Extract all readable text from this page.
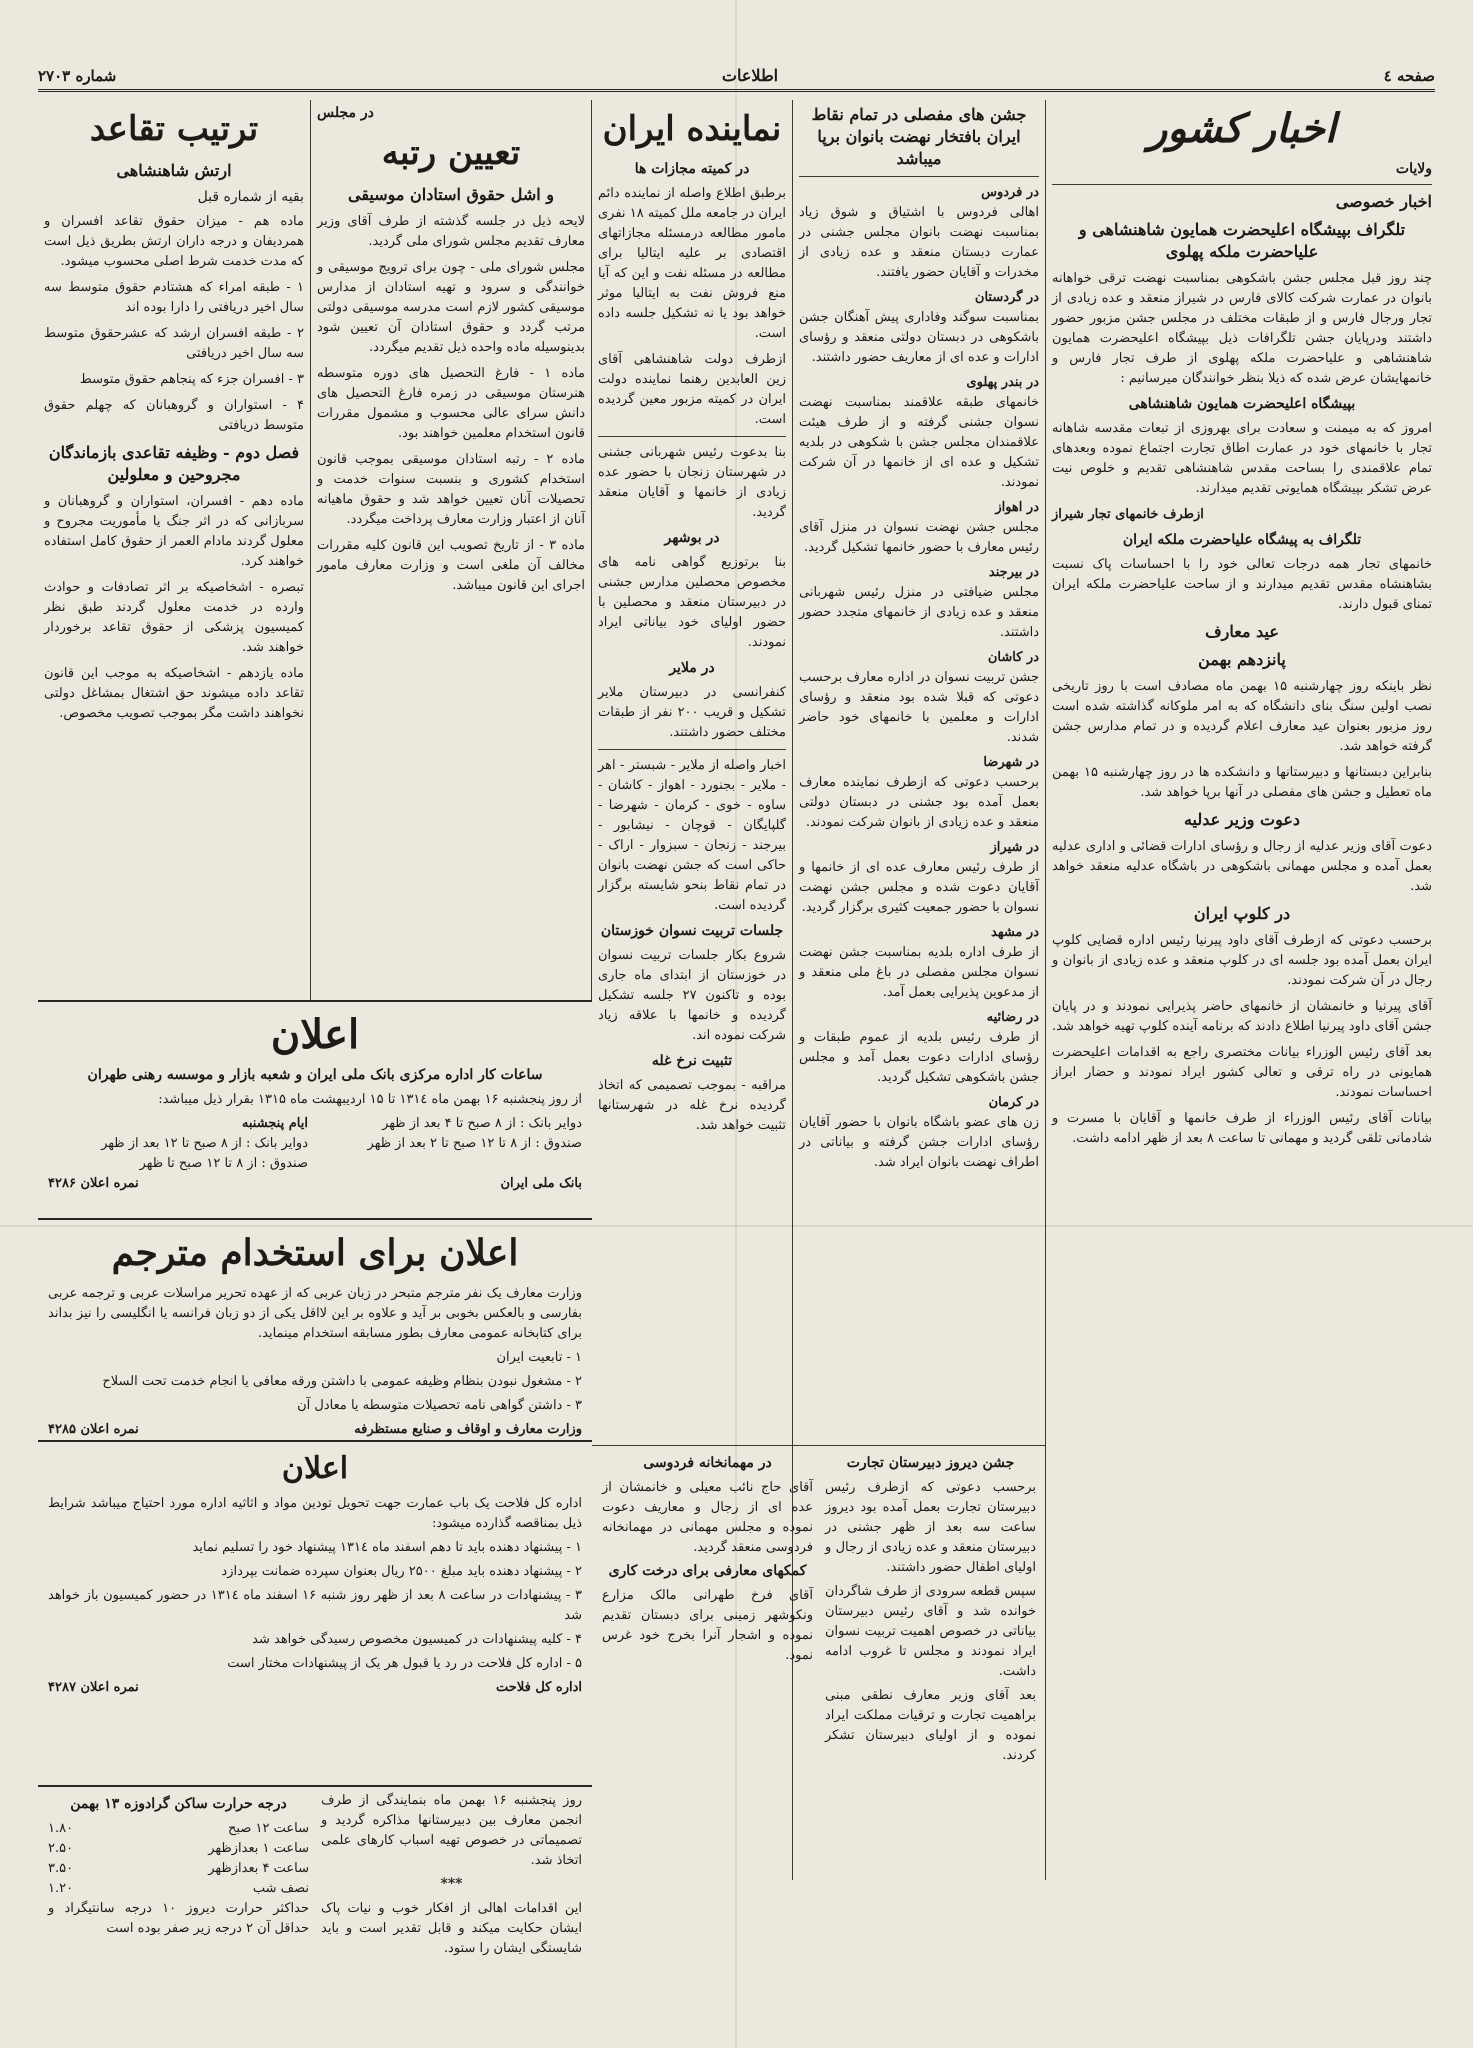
صفحه ٤
اطلاعات
شماره ۲۷۰۳
اخبار کشور
ولایات
اخبار خصوصی
تلگراف بپیشگاه اعلیحضرت همایون شاهنشاهی و علیاحضرت ملکه پهلوی

چند روز قبل مجلس جشن باشکوهی بمناسبت نهضت ترقی خواهانه بانوان در عمارت شرکت کالای فارس در شیراز منعقد و عده زیادی از تجار ورجال فارس و از طبقات مختلف در مجلس جشن مزبور حضور داشتند ودرپایان جشن تلگرافات ذیل بپیشگاه اعلیحضرت همایون شاهنشاهی و علیاحضرت ملکه پهلوی از طرف تجار فارس و خانمهایشان عرض شده که ذیلا بنظر خوانندگان میرسانیم :

بپیشگاه اعلیحضرت همایون شاهنشاهی

امروز که به میمنت و سعادت برای بهروزی از تبعات مقدسه شاهانه تجار با خانمهای خود در عمارت اطاق تجارت اجتماع نموده وبعدهای تمام علاقمندی را بساحت مقدس شاهنشاهی تقدیم و خلوص نیت عرض تشکر بپیشگاه همایونی تقدیم میدارند.

ازطرف خانمهای تجار شیراز

تلگراف به پیشگاه علیاحضرت ملکه ایران

خانمهای تجار همه درجات تعالی خود را با احساسات پاک نسبت بشاهنشاه مقدس تقدیم میدارند و از ساحت علیاحضرت ملکه ایران تمنای قبول دارند.

عید معارف
پانزدهم بهمن

نظر باینکه روز چهارشنبه ۱۵ بهمن ماه مصادف است با روز تاریخی نصب اولین سنگ بنای دانشگاه که به امر ملوکانه گذاشته شده است روز مزبور بعنوان عید معارف اعلام گردیده و در تمام مدارس جشن گرفته خواهد شد.

بنابراین دبستانها و دبیرستانها و دانشکده ها در روز چهارشنبه ۱۵ بهمن ماه تعطیل و جشن های مفصلی در آنها برپا خواهد شد.

دعوت وزیر عدلیه

دعوت آقای وزیر عدلیه از رجال و رؤسای ادارات قضائی و اداری عدلیه بعمل آمده و مجلس مهمانی باشکوهی در باشگاه عدلیه منعقد خواهد شد.

در کلوپ ایران

برحسب دعوتی که ازطرف آقای داود پیرنیا رئیس اداره قضایی کلوپ ایران بعمل آمده بود جلسه ای در کلوپ منعقد و عده زیادی از بانوان و رجال در آن شرکت نمودند.

آقای پیرنیا و خانمشان از خانمهای حاضر پذیرایی نمودند و در پایان جشن آقای داود پیرنیا اطلاع دادند که برنامه آینده کلوپ تهیه خواهد شد.

بعد آقای رئیس الوزراء بیانات مختصری راجع به اقدامات اعلیحضرت همایونی در راه ترقی و تعالی کشور ایراد نمودند و حضار ابراز احساسات نمودند.

بیانات آقای رئیس الوزراء از طرف خانمها و آقایان با مسرت و شادمانی تلقی گردید و مهمانی تا ساعت ۸ بعد از ظهر ادامه داشت.

جشن های مفصلی در تمام نقاط ایران بافتخار نهضت بانوان برپا میباشد
در فردوس
اهالی فردوس با اشتیاق و شوق زیاد بمناسبت نهضت بانوان مجلس جشنی در عمارت دبستان منعقد و عده زیادی از مخدرات و آقایان حضور یافتند.
در گردستان
بمناسبت سوگند وفاداری پیش آهنگان جشن باشکوهی در دبستان دولتی منعقد و رؤسای ادارات و عده ای از معاریف حضور داشتند.
در بندر پهلوی
خانمهای طبقه علاقمند بمناسبت نهضت نسوان جشنی گرفته و از طرف هیئت علاقمندان مجلس جشن با شکوهی در بلدیه تشکیل و عده ای از خانمها در آن شرکت نمودند.
در اهواز
مجلس جشن نهضت نسوان در منزل آقای رئیس معارف با حضور خانمها تشکیل گردید.
در بیرجند
مجلس ضیافتی در منزل رئیس شهربانی منعقد و عده زیادی از خانمهای متجدد حضور داشتند.
در کاشان
جشن تربیت نسوان در اداره معارف برحسب دعوتی که قبلا شده بود منعقد و رؤسای ادارات و معلمین با خانمهای خود حاضر شدند.
در شهرضا
برحسب دعوتی که ازطرف نماینده معارف بعمل آمده بود جشنی در دبستان دولتی منعقد و عده زیادی از بانوان شرکت نمودند.
در شیراز
از طرف رئیس معارف عده ای از خانمها و آقایان دعوت شده و مجلس جشن نهضت نسوان با حضور جمعیت کثیری برگزار گردید.
در مشهد
از طرف اداره بلدیه بمناسبت جشن نهضت نسوان مجلس مفصلی در باغ ملی منعقد و از مدعوین پذیرایی بعمل آمد.
در رضائیه
از طرف رئیس بلدیه از عموم طبقات و رؤسای ادارات دعوت بعمل آمد و مجلس جشن باشکوهی تشکیل گردید.
در کرمان
زن های عضو باشگاه بانوان با حضور آقایان رؤسای ادارات جشن گرفته و بیاناتی در اطراف نهضت بانوان ایراد شد.
نماینده ایران
در کمیته مجازات ها

برطبق اطلاع واصله از نماینده دائم ایران در جامعه ملل کمیته ۱۸ نفری مامور مطالعه درمسئله مجازاتهای اقتصادی بر علیه ایتالیا برای مطالعه در مسئله نفت و این که آیا منع فروش نفت به ایتالیا موثر خواهد بود یا نه تشکیل جلسه داده است.

ازطرف دولت شاهنشاهی آقای زین العابدین رهنما نماینده دولت ایران در کمیته مزبور معین گردیده است.

بنا بدعوت رئیس شهربانی جشنی در شهرستان زنجان با حضور عده زیادی از خانمها و آقایان منعقد گردید.

در بوشهر

بنا برتوزیع گواهی نامه های مخصوص محصلین مدارس جشنی در دبیرستان منعقد و محصلین با حضور اولیای خود بیاناتی ایراد نمودند.

در ملایر

کنفرانسی در دبیرستان ملایر تشکیل و قریب ۲۰۰ نفر از طبقات مختلف حضور داشتند.

اخبار واصله از ملایر - شبستر - اهر - ملایر - بجنورد - اهواز - کاشان - ساوه - خوی - کرمان - شهرضا - گلپایگان - قوچان - نیشابور - بیرجند - زنجان - سبزوار - اراک - حاکی است که جشن نهضت بانوان در تمام نقاط بنحو شایسته برگزار گردیده است.

جلسات تربیت نسوان خوزستان

شروع بکار جلسات تربیت نسوان در خوزستان از ابتدای ماه جاری بوده و تاکنون ۲۷ جلسه تشکیل گردیده و خانمها با علاقه زیاد شرکت نموده اند.

تثبیت نرخ غله

مراقبه - بموجب تصمیمی که اتخاذ گردیده نرخ غله در شهرستانها تثبیت خواهد شد.

جشن دیروز دبیرستان تجارت

برحسب دعوتی که ازطرف رئیس دبیرستان تجارت بعمل آمده بود دیروز ساعت سه بعد از ظهر جشنی در دبیرستان منعقد و عده زیادی از رجال و اولیای اطفال حضور داشتند.

سپس قطعه سرودی از طرف شاگردان خوانده شد و آقای رئیس دبیرستان بیاناتی در خصوص اهمیت تربیت نسوان ایراد نمودند و مجلس تا غروب ادامه داشت.

بعد آقای وزیر معارف نطقی مبنی براهمیت تجارت و ترقیات مملکت ایراد نموده و از اولیای دبیرستان تشکر کردند.

در مهمانخانه فردوسی

آقای حاج نائب معیلی و خانمشان از عده ای از رجال و معاریف دعوت نموده و مجلس مهمانی در مهمانخانه فردوسی منعقد گردید.

کمکهای معارفی برای درخت کاری

آقای فرخ طهرانی مالک مزارع ونکوشهر زمینی برای دبستان تقدیم نموده و اشجار آنرا بخرج خود غرس نمود.

در مجلس
تعیین رتبه
و اشل حقوق استادان موسیقی

لایحه ذیل در جلسه گذشته از طرف آقای وزیر معارف تقدیم مجلس شورای ملی گردید.

مجلس شورای ملی - چون برای ترویج موسیقی و خوانندگی و سرود و تهیه استادان از مدارس موسیقی کشور لازم است مدرسه موسیقی دولتی مرتب گردد و حقوق استادان آن تعیین شود بدینوسیله ماده واحده ذیل تقدیم میگردد.

ماده ۱ - فارغ التحصیل های دوره متوسطه هنرستان موسیقی در زمره فارغ التحصیل های دانش سرای عالی محسوب و مشمول مقررات قانون استخدام معلمین خواهند بود.

ماده ۲ - رتبه استادان موسیقی بموجب قانون استخدام کشوری و بنسبت سنوات خدمت و تحصیلات آنان تعیین خواهد شد و حقوق ماهیانه آنان از اعتبار وزارت معارف پرداخت میگردد.

ماده ۳ - از تاریخ تصویب این قانون کلیه مقررات مخالف آن ملغی است و وزارت معارف مامور اجرای این قانون میباشد.

ترتیب تقاعد
ارتش شاهنشاهی
بقیه از شماره قبل

ماده هم - میزان حقوق تقاعد افسران و همردیفان و درجه داران ارتش بطریق ذیل است که مدت خدمت شرط اصلی محسوب میشود.

۱ - طبقه امراء که هشتادم حقوق متوسط سه سال اخیر دریافتی را دارا بوده اند

۲ - طبقه افسران ارشد که عشرحقوق متوسط سه سال اخیر دریافتی

۳ - افسران جزء که پنجاهم حقوق متوسط

۴ - استواران و گروهبانان که چهلم حقوق متوسط دریافتی

فصل دوم - وظیفه تقاعدی بازماندگان مجروحین و معلولین

ماده دهم - افسران، استواران و گروهبانان و سربازانی که در اثر جنگ یا مأموریت مجروح و معلول گردند مادام العمر از حقوق کامل استفاده خواهند کرد.

تبصره - اشخاصیکه بر اثر تصادفات و حوادث وارده در خدمت معلول گردند طبق نظر کمیسیون پزشکی از حقوق تقاعد برخوردار خواهند شد.

ماده یازدهم - اشخاصیکه به موجب این قانون تقاعد داده میشوند حق اشتغال بمشاغل دولتی نخواهند داشت مگر بموجب تصویب مخصوص.

اعلان
ساعات کار اداره مرکزی بانک ملی ایران و شعبه بازار و موسسه رهنی طهران

از روز پنجشنبه ۱۶ بهمن ماه ۱۳۱٤ تا ۱۵ اردیبهشت ماه ۱۳۱۵ بقرار ذیل میباشد:

دوایر بانک : از ۸ صبح تا ۴ بعد از ظهر
ایام پنجشنبه
صندوق : از ۸ تا ۱۲ صبح تا ۲ بعد از ظهر
دوایر بانک : از ۸ صبح تا ۱۲ بعد از ظهر
صندوق : از ۸ تا ۱۲ صبح تا ظهر
بانک ملی ایران
نمره اعلان ۴۲۸۶
اعلان برای استخدام مترجم

وزارت معارف یک نفر مترجم متبحر در زبان عربی که از عهده تحریر مراسلات عربی و ترجمه عربی بفارسی و بالعکس بخوبی بر آید و علاوه بر این لااقل یکی از دو زبان فرانسه یا انگلیسی را نیز بداند برای کتابخانه عمومی معارف بطور مسابقه استخدام مینماید.

۱ - تابعیت ایران

۲ - مشغول نبودن بنظام وظیفه عمومی با داشتن ورقه معافی یا انجام خدمت تحت السلاح

۳ - داشتن گواهی نامه تحصیلات متوسطه یا معادل آن

وزارت معارف و اوقاف و صنایع مستظرفه
نمره اعلان ۴۲۸۵
اعلان

اداره کل فلاحت یک باب عمارت جهت تحویل تودین مواد و اثاثیه اداره مورد احتیاج میباشد شرایط ذیل بمناقصه گذارده میشود:

۱ - پیشنهاد دهنده باید تا دهم اسفند ماه ۱۳۱٤ پیشنهاد خود را تسلیم نماید

۲ - پیشنهاد دهنده باید مبلغ ۲۵۰۰ ریال بعنوان سپرده ضمانت بپردازد

۳ - پیشنهادات در ساعت ۸ بعد از ظهر روز شنبه ۱۶ اسفند ماه ۱۳۱٤ در حضور کمیسیون باز خواهد شد

۴ - کلیه پیشنهادات در کمیسیون مخصوص رسیدگی خواهد شد

۵ - اداره کل فلاحت در رد یا قبول هر یک از پیشنهادات مختار است

اداره کل فلاحت
نمره اعلان ۴۲۸۷

روز پنجشنبه ۱۶ بهمن ماه بنمایندگی از طرف انجمن معارف بین دبیرستانها مذاکره گردید و تصمیماتی در خصوص تهیه اسباب کارهای علمی اتخاذ شد.

***

این اقدامات اهالی از افکار خوب و نیات پاک ایشان حکایت میکند و قابل تقدیر است و باید شایستگی ایشان را ستود.

درجه حرارت ساکن گرادوزه ۱۳ بهمن
ساعت ۱۲ صبح
۱.۸۰
ساعت ۱ بعدازظهر
۲.۵۰
ساعت ۴ بعدازظهر
۳.۵۰
نصف شب
۱.۲۰

حداکثر حرارت دیروز ۱۰ درجه سانتیگراد و حداقل آن ۲ درجه زیر صفر بوده است
